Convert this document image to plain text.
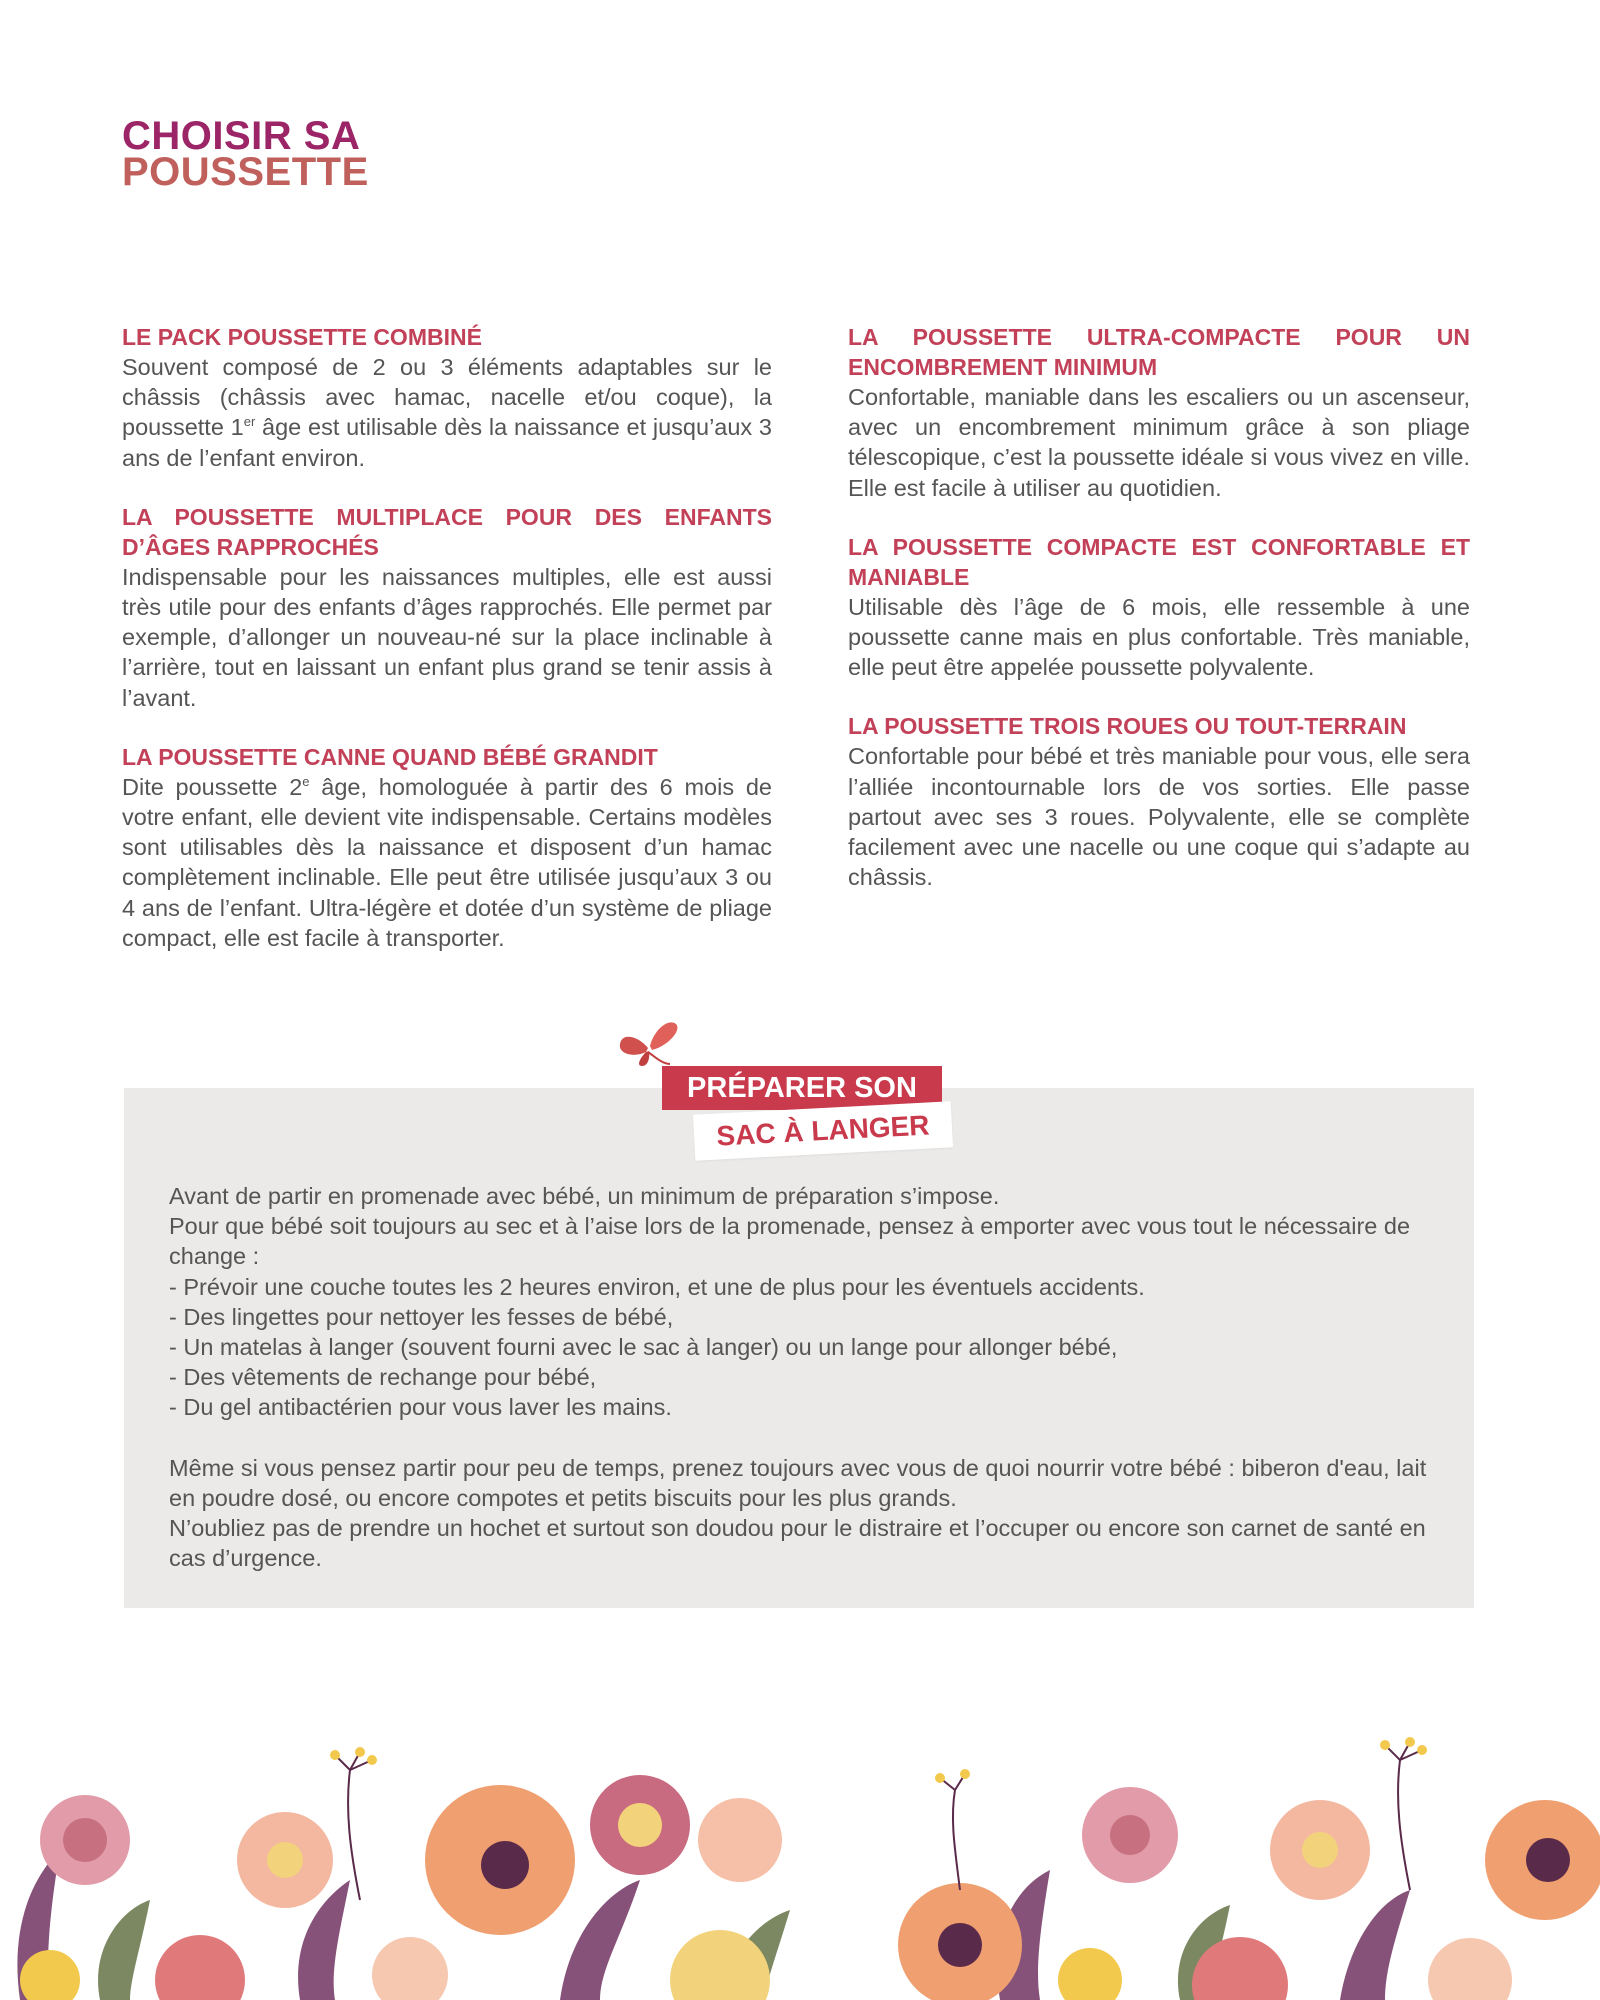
CHOISIR SA
POUSSETTE
LE PACK POUSSETTE COMBINÉ

Souvent composé de 2 ou 3 éléments adaptables sur le châssis (châssis avec hamac, nacelle et/ou coque), la poussette 1er âge est utilisable dès la naissance et jusqu’aux 3 ans de l’enfant environ.

LA POUSSETTE MULTIPLACE POUR DES ENFANTS D’ÂGES RAPPROCHÉS

Indispensable pour les naissances multiples, elle est aussi très utile pour des enfants d’âges rapprochés. Elle permet par exemple, d’allonger un nouveau-né sur la place inclinable à l’arrière, tout en laissant un enfant plus grand se tenir assis à l’avant.

LA POUSSETTE CANNE QUAND BÉBÉ GRANDIT

Dite poussette 2e âge, homologuée à partir des 6 mois de votre enfant, elle devient vite indispensable. Certains modèles sont utilisables dès la naissance et disposent d’un hamac complètement inclinable. Elle peut être utilisée jusqu’aux 3 ou 4 ans de l’enfant. Ultra-légère et dotée d’un système de pliage compact, elle est facile à transporter.

LA POUSSETTE ULTRA-COMPACTE POUR UN ENCOMBREMENT MINIMUM

Confortable, maniable dans les escaliers ou un ascenseur, avec un encombrement minimum grâce à son pliage télescopique, c’est la poussette idéale si vous vivez en ville. Elle est facile à utiliser au quotidien.

LA POUSSETTE COMPACTE EST CONFORTABLE ET MANIABLE

Utilisable dès l’âge de 6 mois, elle ressemble à une poussette canne mais en plus confortable. Très maniable, elle peut être appelée poussette polyvalente.

LA POUSSETTE TROIS ROUES OU TOUT-TERRAIN

Confortable pour bébé et très maniable pour vous, elle sera l’alliée incontournable lors de vos sorties. Elle passe partout avec ses 3 roues. Polyvalente, elle se complète facilement avec une nacelle ou une coque qui s’adapte au châssis.

PRÉPARER SON
SAC À LANGER

Avant de partir en promenade avec bébé, un minimum de préparation s’impose.

Pour que bébé soit toujours au sec et à l’aise lors de la promenade, pensez à emporter avec vous tout le nécessaire de change :

- Prévoir une couche toutes les 2 heures environ, et une de plus pour les éventuels accidents.
- Des lingettes pour nettoyer les fesses de bébé,
- Un matelas à langer (souvent fourni avec le sac à langer) ou un lange pour allonger bébé,
- Des vêtements de rechange pour bébé,
- Du gel antibactérien pour vous laver les mains.

Même si vous pensez partir pour peu de temps, prenez toujours avec vous de quoi nourrir votre bébé : biberon d'eau, lait en poudre dosé, ou encore compotes et petits biscuits pour les plus grands.

N’oubliez pas de prendre un hochet et surtout son doudou pour le distraire et l’occuper ou encore son carnet de santé en cas d’urgence.
